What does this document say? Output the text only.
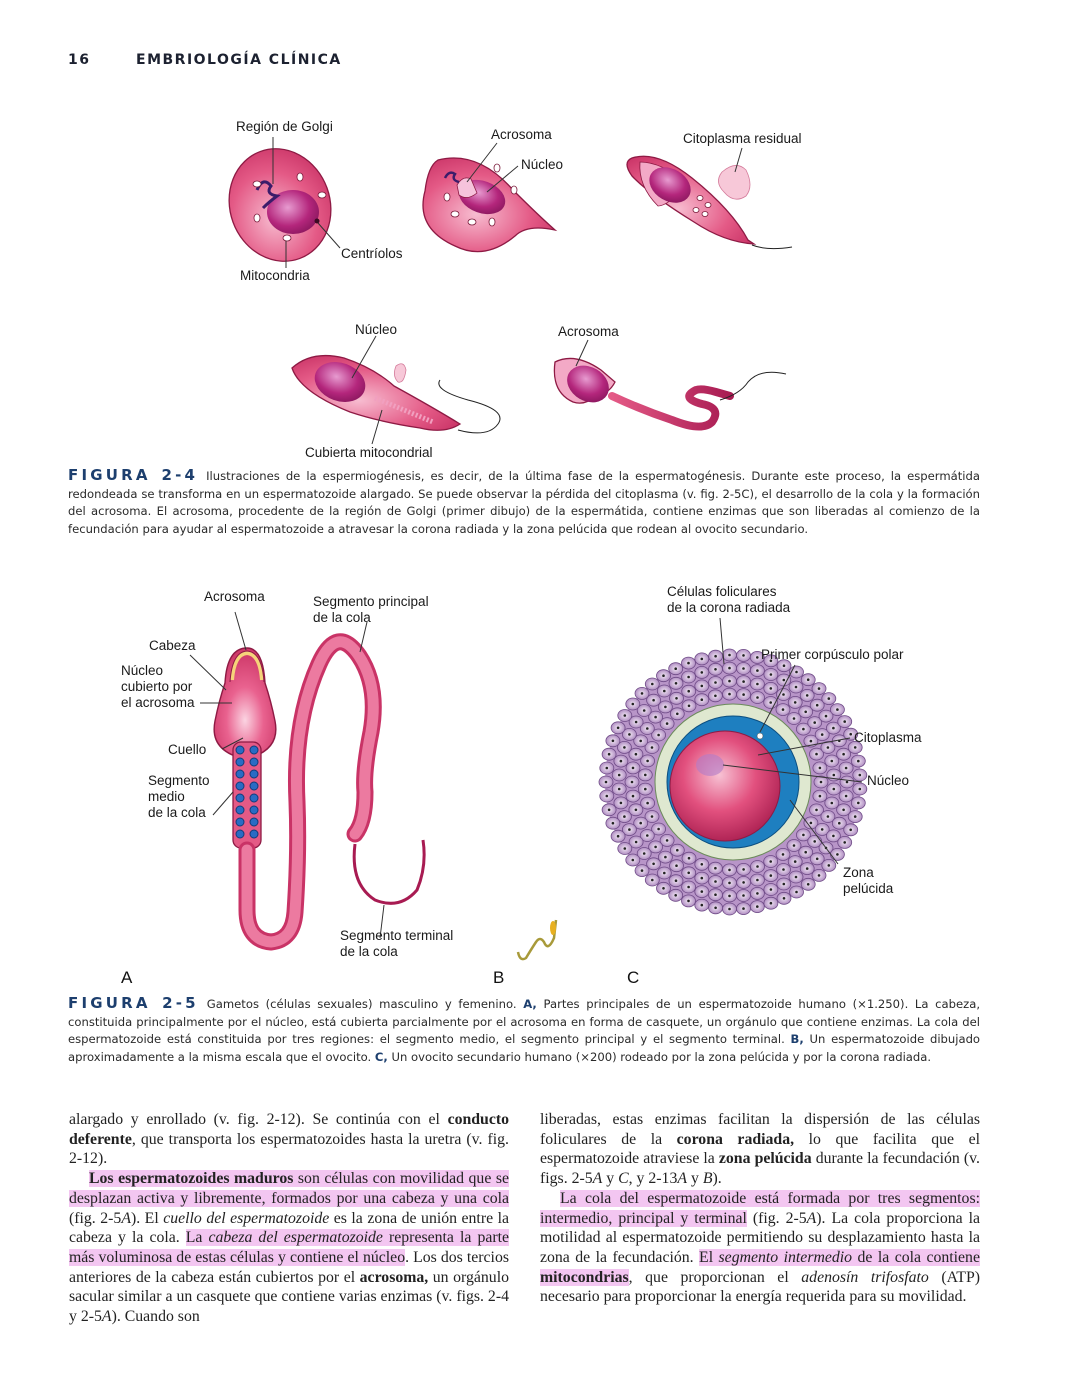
16	EMBRIOLOGÍA CLÍNICA
Región de Golgi
Mitocondria
Centríolos
Acrosoma
Núcleo
Citoplasma residual
Núcleo
Cubierta mitocondrial
Acrosoma
FIGURA 2-4 Ilustraciones de la espermiogénesis, es decir, de la última fase de la espermatogénesis. Durante este proceso, la espermátida redondeada se transforma en un espermatozoide alargado. Se puede observar la pérdida del citoplasma (v. fig. 2-5C), el desarrollo de la cola y la formación del acrosoma. El acrosoma, procedente de la región de Golgi (primer dibujo) de la espermátida, contiene enzimas que son liberadas al comienzo de la fecundación para ayudar al espermatozoide a atravesar la corona radiada y la zona pelúcida que rodean al ovocito secundario.
Acrosoma
Cabeza
Núcleo
cubierto por
el acrosoma
Cuello
Segmento
medio
de la cola
Segmento principal
de la cola
Segmento terminal
de la cola
Células foliculares
de la corona radiada
Primer corpúsculo polar
Citoplasma
Núcleo
Zona
pelúcida
A	B	C
FIGURA 2-5 Gametos (células sexuales) masculino y femenino. A, Partes principales de un espermatozoide humano (×1.250). La cabeza, constituida principalmente por el núcleo, está cubierta parcialmente por el acrosoma en forma de casquete, un orgánulo que contiene enzimas. La cola del espermatozoide está constituida por tres regiones: el segmento medio, el segmento principal y el segmento terminal. B, Un espermatozoide dibujado aproximadamente a la misma escala que el ovocito. C, Un ovocito secundario humano (×200) rodeado por la zona pelúcida y por la corona radiada.

alargado y enrollado (v. fig. 2-12). Se continúa con el conducto deferente, que transporta los espermatozoides hasta la uretra (v. fig. 2-12).

Los espermatozoides maduros son células con movilidad que se desplazan activa y libremente, formados por una cabeza y una cola (fig. 2-5A). El cuello del espermatozoide es la zona de unión entre la cabeza y la cola. La cabeza del espermatozoide representa la parte más voluminosa de estas células y contiene el núcleo. Los dos tercios anteriores de la cabeza están cubiertos por el acrosoma, un orgánulo sacular similar a un casquete que contiene varias enzimas (v. figs. 2-4 y 2-5A). Cuando son

liberadas, estas enzimas facilitan la dispersión de las células foliculares de la corona radiada, lo que facilita que el espermatozoide atraviese la zona pelúcida durante la fecundación (v. figs. 2-5A y C, y 2-13A y B).

La cola del espermatozoide está formada por tres segmentos: intermedio, principal y terminal (fig. 2-5A). La cola proporciona la motilidad al espermatozoide permitiendo su desplazamiento hasta la zona de la fecundación. El segmento intermedio de la cola contiene mitocondrias, que proporcionan el adenosín trifosfato (ATP) necesario para proporcionar la energía requerida para su movilidad.
